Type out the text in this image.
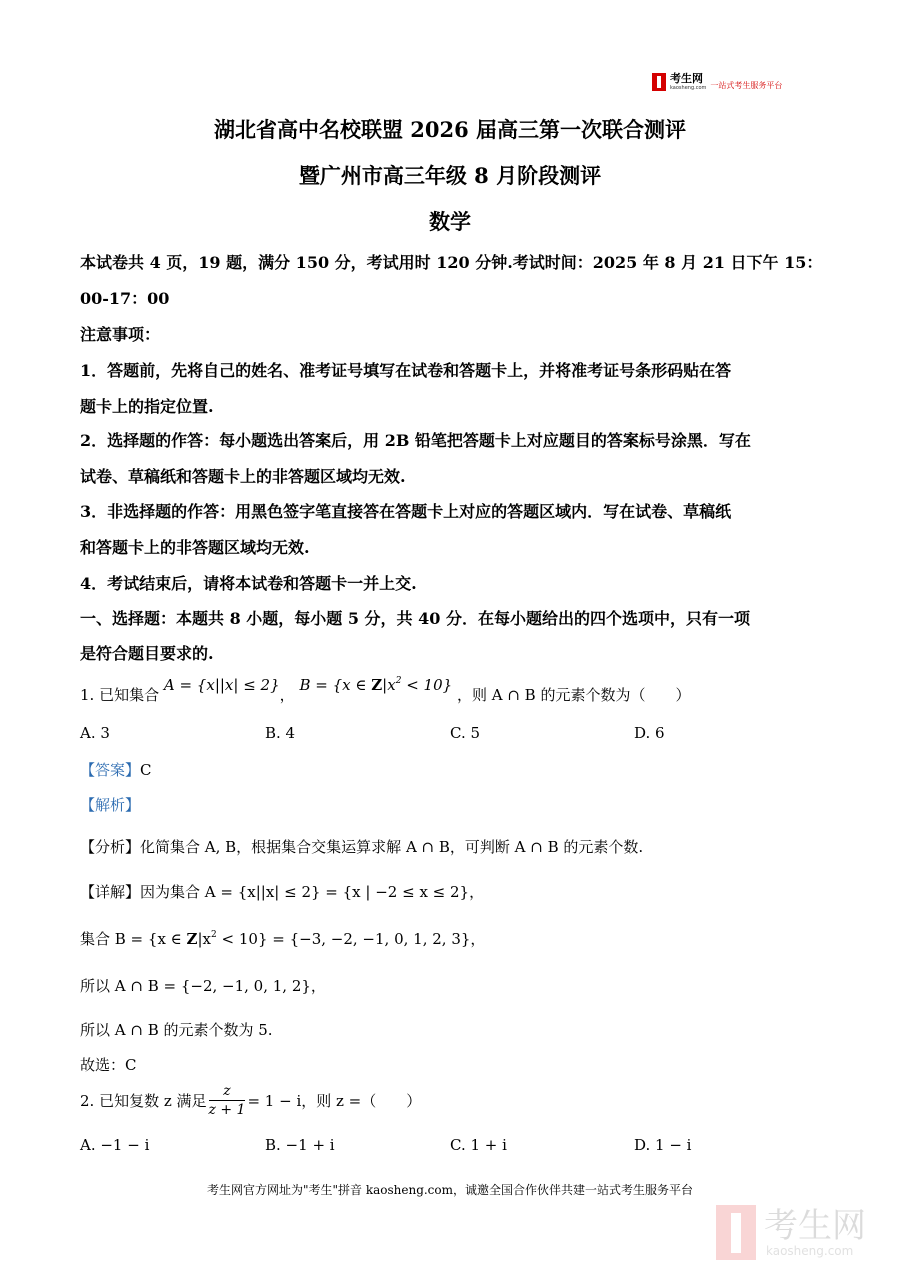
考生网
kaosheng.com 一站式考生服务平台
湖北省高中名校联盟 2026 届高三第一次联合测评
暨广州市高三年级 8 月阶段测评
数学
本试卷共 4 页，19 题，满分 150 分，考试用时 120 分钟.考试时间：2025 年 8 月 21 日下午 15：
00-17：00
注意事项：
1．答题前，先将自己的姓名、准考证号填写在试卷和答题卡上，并将准考证号条形码贴在答
题卡上的指定位置.
2．选择题的作答：每小题选出答案后，用 2B 铅笔把答题卡上对应题目的答案标号涂黑．写在
试卷、草稿纸和答题卡上的非答题区域均无效.
3．非选择题的作答：用黑色签字笔直接答在答题卡上对应的答题区域内．写在试卷、草稿纸
和答题卡上的非答题区域均无效.
4．考试结束后，请将本试卷和答题卡一并上交.
一、选择题：本题共 8 小题，每小题 5 分，共 40 分．在每小题给出的四个选项中，只有一项
是符合题目要求的.
1. 已知集合 A = {x||x| ≤ 2}， B = {x ∈ $Z|x^2 < 10$} ，则 A ∩ B 的元素个数为（　　）
A. 3	B. 4	C. 5	D. 6
【答案】C
【解析】
【分析】化简集合 A, B，根据集合交集运算求解 A ∩ B，可判断 A ∩ B 的元素个数.
【详解】因为集合 A = {x||x| ≤ 2} = {x | −2 ≤ x ≤ 2}，
集合 B = {x ∈ $Z|x^2 < 10\} = \{-3$, −2, −1, 0, 1, 2, 3}，
所以 A ∩ B = {−2, −1, 0, 1, 2}，
所以 A ∩ B 的元素个数为 5.
故选：C
2. 已知复数 z 满足 $\frac{z}{z + 1} = 1 - i$，则 z =（　　）
A. −1 − i	B. −1 + i	C. 1 + i	D. 1 − i
考生网官方网址为"考生"拼音 kaosheng.com，诚邀全国合作伙伴共建一站式考生服务平台
考生网
kaosheng.com
